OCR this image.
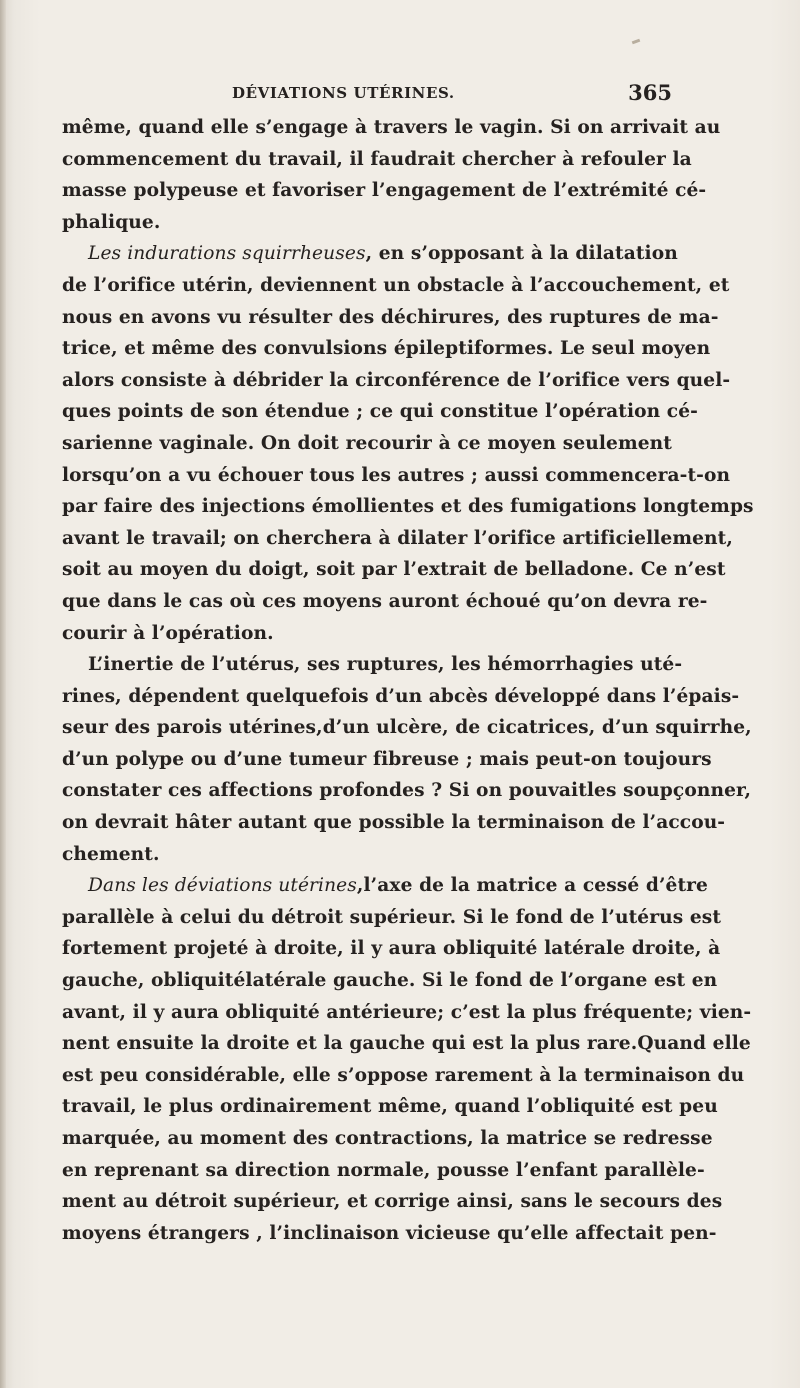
DÉVIATIONS UTÉRINES.	365
même, quand elle s’engage à travers le vagin. Si on arrivait au
commencement du travail, il faudrait chercher à refouler la
masse polypeuse et favoriser l’engagement de l’extrémité cé-
phalique.
Les indurations squirrheuses, en s’opposant à la dilatation
de l’orifice utérin, deviennent un obstacle à l’accouchement, et
nous en avons vu résulter des déchirures, des ruptures de ma-
trice, et même des convulsions épileptiformes. Le seul moyen
alors consiste à débrider la circonférence de l’orifice vers quel-
ques points de son étendue ; ce qui constitue l’opération cé-
sarienne vaginale. On doit recourir à ce moyen seulement
lorsqu’on a vu échouer tous les autres ; aussi commencera-t-on
par faire des injections émollientes et des fumigations longtemps
avant le travail; on cherchera à dilater l’orifice artificiellement,
soit au moyen du doigt, soit par l’extrait de belladone. Ce n’est
que dans le cas où ces moyens auront échoué qu’on devra re-
courir à l’opération.
L’inertie de l’utérus, ses ruptures, les hémorrhagies uté-
rines, dépendent quelquefois d’un abcès développé dans l’épais-
seur des parois utérines,d’un ulcère, de cicatrices, d’un squirrhe,
d’un polype ou d’une tumeur fibreuse ; mais peut-on toujours
constater ces affections profondes ? Si on pouvaitles soupçonner,
on devrait hâter autant que possible la terminaison de l’accou-
chement.
Dans les déviations utérines,l’axe de la matrice a cessé d’être
parallèle à celui du détroit supérieur. Si le fond de l’utérus est
fortement projeté à droite, il y aura obliquité latérale droite, à
gauche, obliquitélatérale gauche. Si le fond de l’organe est en
avant, il y aura obliquité antérieure; c’est la plus fréquente; vien-
nent ensuite la droite et la gauche qui est la plus rare.Quand elle
est peu considérable, elle s’oppose rarement à la terminaison du
travail, le plus ordinairement même, quand l’obliquité est peu
marquée, au moment des contractions, la matrice se redresse
en reprenant sa direction normale, pousse l’enfant parallèle-
ment au détroit supérieur, et corrige ainsi, sans le secours des
moyens étrangers , l’inclinaison vicieuse qu’elle affectait pen-
